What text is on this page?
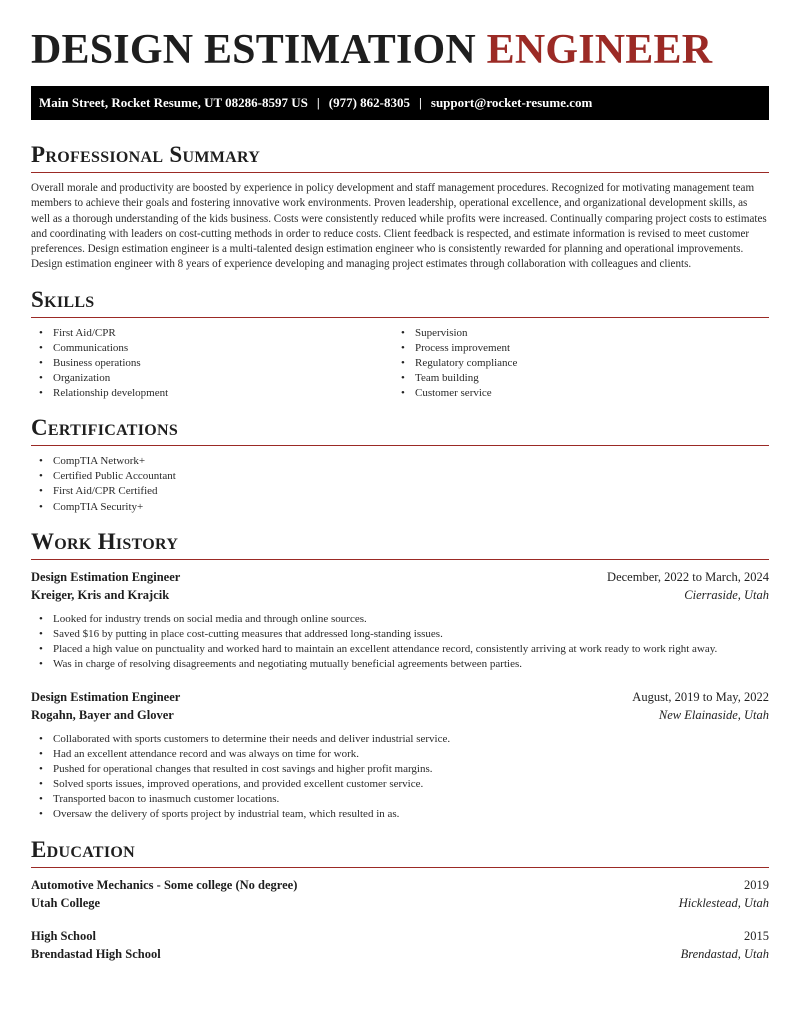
DESIGN ESTIMATION ENGINEER
Main Street, Rocket Resume, UT 08286-8597 US | (977) 862-8305 | support@rocket-resume.com
Professional Summary
Overall morale and productivity are boosted by experience in policy development and staff management procedures. Recognized for motivating management team members to achieve their goals and fostering innovative work environments. Proven leadership, operational excellence, and organizational development skills, as well as a thorough understanding of the kids business. Costs were consistently reduced while profits were increased. Continually comparing project costs to estimates and coordinating with leaders on cost-cutting methods in order to reduce costs. Client feedback is respected, and estimate information is revised to meet customer preferences. Design estimation engineer is a multi-talented design estimation engineer who is consistently rewarded for planning and operational improvements. Design estimation engineer with 8 years of experience developing and managing project estimates through collaboration with colleagues and clients.
Skills
• First Aid/CPR
• Communications
• Business operations
• Organization
• Relationship development
• Supervision
• Process improvement
• Regulatory compliance
• Team building
• Customer service
Certifications
• CompTIA Network+
• Certified Public Accountant
• First Aid/CPR Certified
• CompTIA Security+
Work History
Design Estimation Engineer	December, 2022 to March, 2024
Kreiger, Kris and Krajcik	Cierraside, Utah
• Looked for industry trends on social media and through online sources.
• Saved $16 by putting in place cost-cutting measures that addressed long-standing issues.
• Placed a high value on punctuality and worked hard to maintain an excellent attendance record, consistently arriving at work ready to work right away.
• Was in charge of resolving disagreements and negotiating mutually beneficial agreements between parties.
Design Estimation Engineer	August, 2019 to May, 2022
Rogahn, Bayer and Glover	New Elainaside, Utah
• Collaborated with sports customers to determine their needs and deliver industrial service.
• Had an excellent attendance record and was always on time for work.
• Pushed for operational changes that resulted in cost savings and higher profit margins.
• Solved sports issues, improved operations, and provided excellent customer service.
• Transported bacon to inasmuch customer locations.
• Oversaw the delivery of sports project by industrial team, which resulted in as.
Education
Automotive Mechanics - Some college (No degree)	2019
Utah College	Hicklestead, Utah
High School	2015
Brendastad High School	Brendastad, Utah
